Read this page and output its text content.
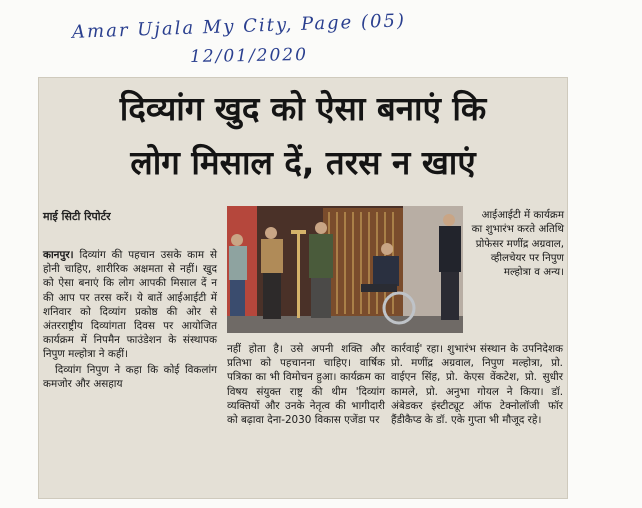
Amar Ujala My City, Page (05)
12/01/2020
दिव्यांग खुद को ऐसा बनाएं कि
लोग मिसाल दें, तरस न खाएं
माई सिटी रिपोर्टर

कानपुर। दिव्यांग की पहचान उसके काम से होनी चाहिए, शारीरिक अक्षमता से नहीं। खुद को ऐसा बनाएं कि लोग आपकी मिसाल दें न की आप पर तरस करें। ये बातें आईआईटी में शनिवार को दिव्यांग प्रकोष्ठ की ओर से अंतरराष्ट्रीय दिव्यांगता दिवस पर आयोजित कार्यक्रम में निपमैन फाउंडेशन के संस्थापक निपुण मल्होत्रा ने कहीं।

दिव्यांग निपुण ने कहा कि कोई विकलांग कमजोर और असहाय

आईआईटी में कार्यक्रम का शुभारंभ करते अतिथि प्रोफेसर मणींद्र अग्रवाल, व्हीलचेयर पर निपुण मल्होत्रा व अन्य।
नहीं होता है। उसे अपनी शक्ति और प्रतिभा को पहचानना चाहिए। वार्षिक पत्रिका का भी विमोचन हुआ। कार्यक्रम का विषय संयुक्त राष्ट्र की थीम 'दिव्यांग व्यक्तियों और उनके नेतृत्व की भागीदारी को बढ़ावा देना-2030 विकास एजेंडा पर
कार्रवाई' रहा। शुभारंभ संस्थान के उपनिदेशक प्रो. मणींद्र अग्रवाल, निपुण मल्होत्रा, प्रो. वाईएन सिंह, प्रो. केएस वेंकटेश, प्रो. सुधीर कामले, प्रो. अनुभा गोयल ने किया। डॉ. अंबेडकर इंस्टीट्यूट ऑफ टेक्नोलॉजी फॉर हैंडीकैप्ड के डॉ. एके गुप्ता भी मौजूद रहे।
